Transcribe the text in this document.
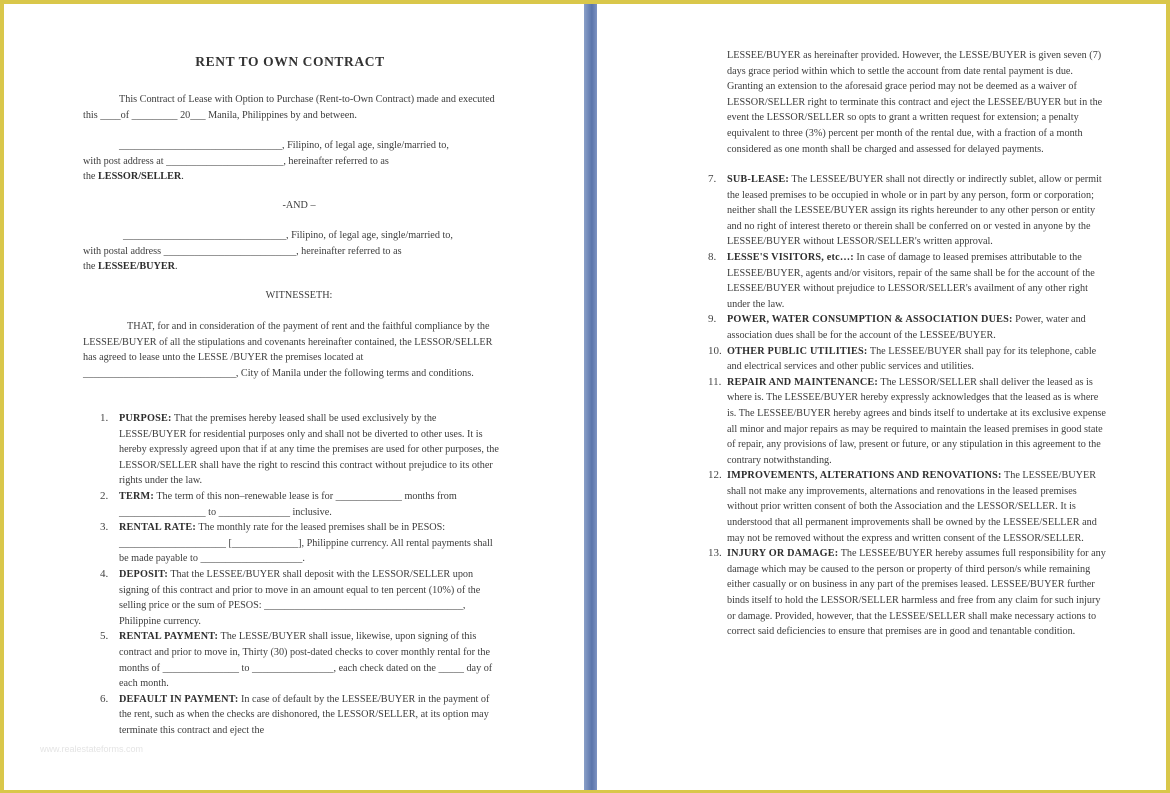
RENT TO OWN CONTRACT
This Contract of Lease with Option to Purchase (Rent-to-Own Contract) made and executed this ____of _________ 20___ Manila, Philippines by and between.
________________________________, Filipino, of legal age, single/married to,
with post address at _______________________, hereinafter referred to as
the LESSOR/SELLER.
-AND –
________________________________, Filipino, of legal age, single/married to,
with postal address __________________________, hereinafter referred to as
the LESSEE/BUYER.
WITNESSETH:
THAT, for and in consideration of the payment of rent and the faithful compliance by the LESSEE/BUYER of all the stipulations and covenants hereinafter contained, the LESSOR/SELLER has agreed to lease unto the LESSE /BUYER the premises located at ______________________________, City of Manila under the following terms and conditions.
1. PURPOSE: That the premises hereby leased shall be used exclusively by the LESSE/BUYER for residential purposes only and shall not be diverted to other uses. It is hereby expressly agreed upon that if at any time the premises are used for other purposes, the LESSOR/SELLER shall have the right to rescind this contract without prejudice to its other rights under the law.
2. TERM: The term of this non–renewable lease is for _____________ months from _________________ to ______________ inclusive.
3. RENTAL RATE: The monthly rate for the leased premises shall be in PESOS: _____________________ [_____________], Philippine currency. All rental payments shall be made payable to ____________________.
4. DEPOSIT: That the LESSEE/BUYER shall deposit with the LESSOR/SELLER upon signing of this contract and prior to move in an amount equal to ten percent (10%) of the selling price or the sum of PESOS: _______________________________________, Philippine currency.
5. RENTAL PAYMENT: The LESSE/BUYER shall issue, likewise, upon signing of this contract and prior to move in, Thirty (30) post-dated checks to cover monthly rental for the months of _______________ to ________________, each check dated on the _____ day of each month.
6. DEFAULT IN PAYMENT: In case of default by the LESSEE/BUYER in the payment of the rent, such as when the checks are dishonored, the LESSOR/SELLER, at its option may terminate this contract and eject the
www.realestateforms.com
LESSEE/BUYER as hereinafter provided. However, the LESSE/BUYER is given seven (7) days grace period within which to settle the account from date rental payment is due. Granting an extension to the aforesaid grace period may not be deemed as a waiver of LESSOR/SELLER right to terminate this contract and eject the LESSEE/BUYER but in the event the LESSOR/SELLER so opts to grant a written request for extension; a penalty equivalent to three (3%) percent per month of the rental due, with a fraction of a month considered as one month shall be charged and assessed for delayed payments.
7. SUB-LEASE: The LESSEE/BUYER shall not directly or indirectly sublet, allow or permit the leased premises to be occupied in whole or in part by any person, form or corporation; neither shall the LESSEE/BUYER assign its rights hereunder to any other person or entity and no right of interest thereto or therein shall be conferred on or vested in anyone by the LESSEE/BUYER without LESSOR/SELLER's written approval.
8. LESSE'S VISITORS, etc…: In case of damage to leased premises attributable to the LESSEE/BUYER, agents and/or visitors, repair of the same shall be for the account of the LESSEE/BUYER without prejudice to LESSOR/SELLER's availment of any other right under the law.
9. POWER, WATER CONSUMPTION & ASSOCIATION DUES: Power, water and association dues shall be for the account of the LESSEE/BUYER.
10. OTHER PUBLIC UTILITIES: The LESSEE/BUYER shall pay for its telephone, cable and electrical services and other public services and utilities.
11. REPAIR AND MAINTENANCE: The LESSOR/SELLER shall deliver the leased as is where is. The LESSEE/BUYER hereby expressly acknowledges that the leased as is where is. The LESSEE/BUYER hereby agrees and binds itself to undertake at its exclusive expense all minor and major repairs as may be required to maintain the leased premises in good state of repair, any provisions of law, present or future, or any stipulation in this agreement to the contrary notwithstanding.
12. IMPROVEMENTS, ALTERATIONS AND RENOVATIONS: The LESSEE/BUYER shall not make any improvements, alternations and renovations in the leased premises without prior written consent of both the Association and the LESSOR/SELLER. It is understood that all permanent improvements shall be owned by the LESSEE/SELLER and may not be removed without the express and written consent of the LESSOR/SELLER.
13. INJURY OR DAMAGE: The LESSEE/BUYER hereby assumes full responsibility for any damage which may be caused to the person or property of third person/s while remaining either casually or on business in any part of the premises leased. LESSEE/BUYER further binds itself to hold the LESSOR/SELLER harmless and free from any claim for such injury or damage. Provided, however, that the LESSEE/SELLER shall make necessary actions to correct said deficiencies to ensure that premises are in good and tenantable condition.
